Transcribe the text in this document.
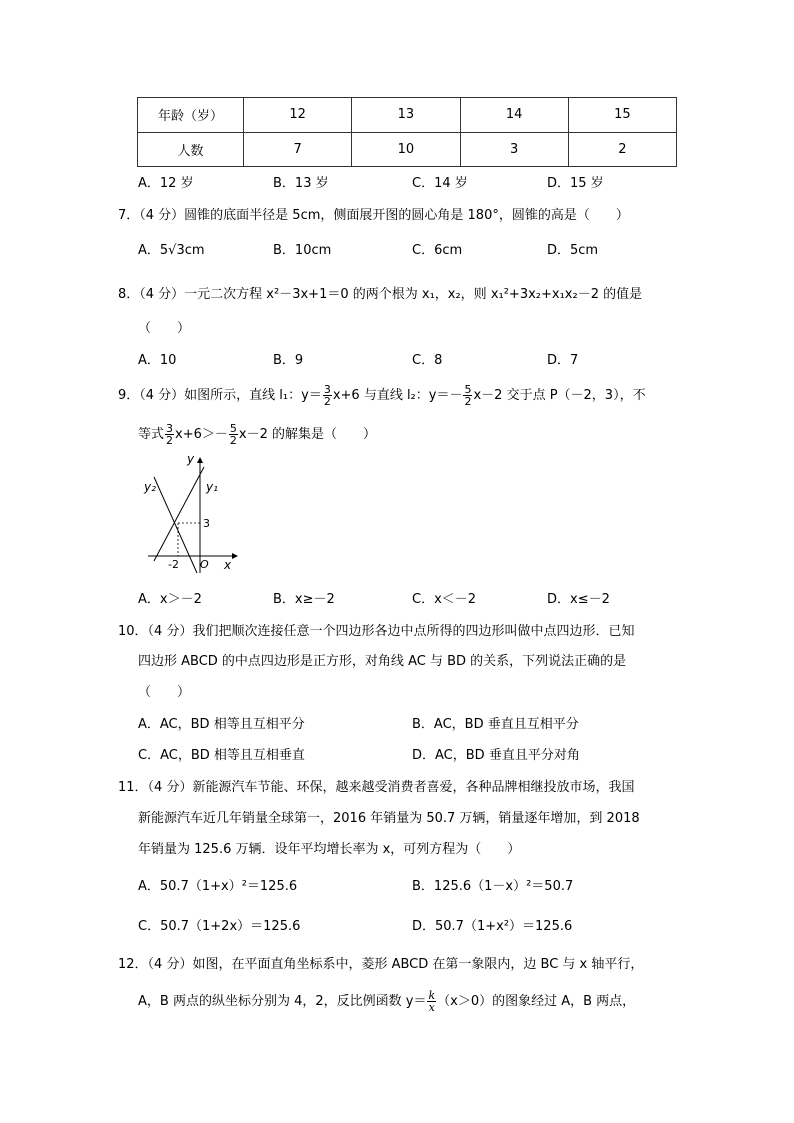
年龄（岁）	12	13	14	15
人数	7	10	3	2
A．12 岁	B．13 岁	C．14 岁	D．15 岁
7．（4 分）圆锥的底面半径是 5cm，侧面展开图的圆心角是 180°，圆锥的高是（　　）
A．5√3cm	B．10cm	C．6cm	D．5cm
8．（4 分）一元二次方程 x²－3x+1＝0 的两个根为 x₁，x₂，则 x₁²+3x₂+x₁x₂－2 的值是
（　　）
A．10	B．9	C．8	D．7
9．（4 分）如图所示，直线 l₁：$y= \frac{3}{2} x+6$ 与直线 l₂：$y=- \frac{5}{2} x-2$ 交于点 P（－2，3），不
等式 $\frac{3}{2} x+6>- \frac{5}{2} x-2$ 的解集是（　　）
y
x
y₁
y₂
O
-2
3
A．x＞－2	B．x≥－2	C．x＜－2	D．x≤－2
10．（4 分）我们把顺次连接任意一个四边形各边中点所得的四边形叫做中点四边形．已知
四边形 ABCD 的中点四边形是正方形，对角线 AC 与 BD 的关系，下列说法正确的是
（　　）
A．AC，BD 相等且互相平分	B．AC，BD 垂直且互相平分
C．AC，BD 相等且互相垂直	D．AC，BD 垂直且平分对角
11．（4 分）新能源汽车节能、环保，越来越受消费者喜爱，各种品牌相继投放市场，我国
新能源汽车近几年销量全球第一，2016 年销量为 50.7 万辆，销量逐年增加，到 2018
年销量为 125.6 万辆．设年平均增长率为 x，可列方程为（　　）
A．50.7（1+x）²＝125.6	B．125.6（1－x）²＝50.7
C．50.7（1+2x）＝125.6	D．50.7（1+x²）＝125.6
12．（4 分）如图，在平面直角坐标系中，菱形 ABCD 在第一象限内，边 BC 与 x 轴平行，
A，B 两点的纵坐标分别为 4，2，反比例函数 $y= \frac{k}{x} (x>0)$的图象经过 A，B 两点，
